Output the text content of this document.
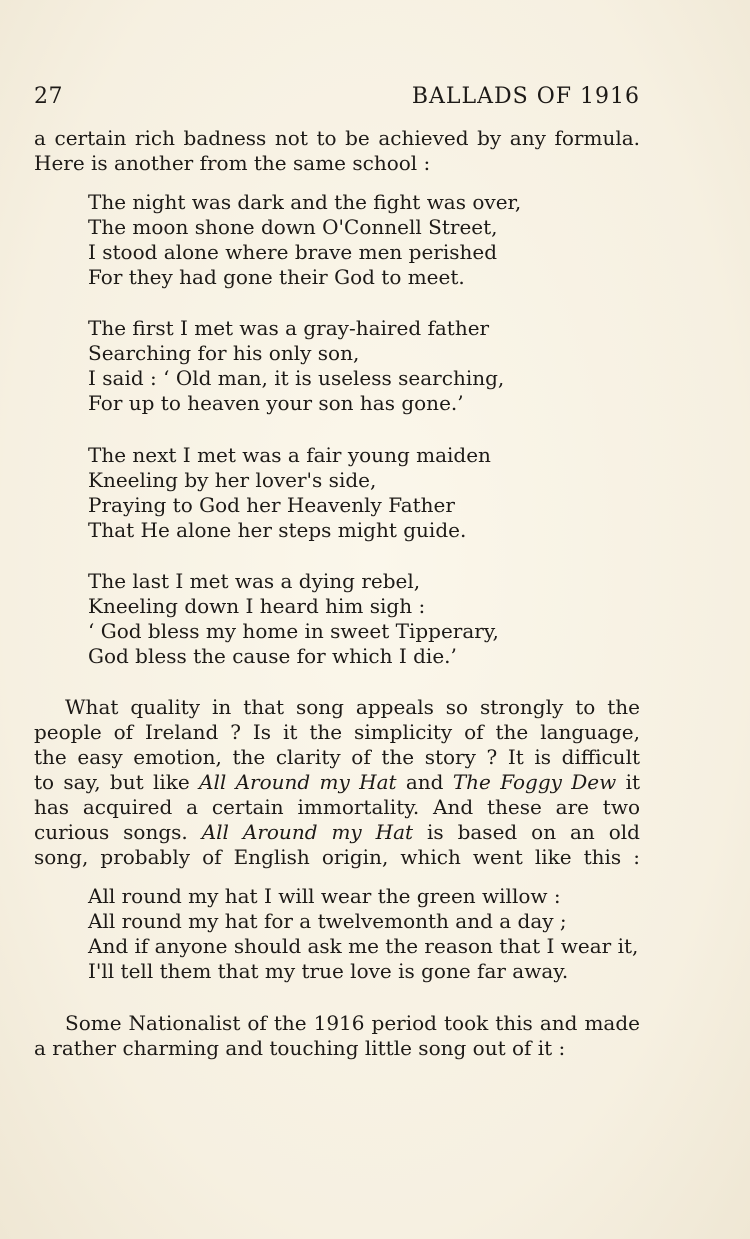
27	BALLADS OF 1916
a certain rich badness not to be achieved by any formula.
Here is another from the same school :
The night was dark and the fight was over,
The moon shone down O'Connell Street,
I stood alone where brave men perished
For they had gone their God to meet.
The first I met was a gray-haired father
Searching for his only son,
I said : ‘ Old man, it is useless searching,
For up to heaven your son has gone.’
The next I met was a fair young maiden
Kneeling by her lover's side,
Praying to God her Heavenly Father
That He alone her steps might guide.
The last I met was a dying rebel,
Kneeling down I heard him sigh :
‘ God bless my home in sweet Tipperary,
God bless the cause for which I die.’
What quality in that song appeals so strongly to the
people of Ireland ? Is it the simplicity of the language,
the easy emotion, the clarity of the story ? It is difficult
to say, but like All Around my Hat and The Foggy Dew it
has acquired a certain immortality. And these are two
curious songs. All Around my Hat is based on an old
song, probably of English origin, which went like this :
All round my hat I will wear the green willow :
All round my hat for a twelvemonth and a day ;
And if anyone should ask me the reason that I wear it,
I'll tell them that my true love is gone far away.
Some Nationalist of the 1916 period took this and made
a rather charming and touching little song out of it :
